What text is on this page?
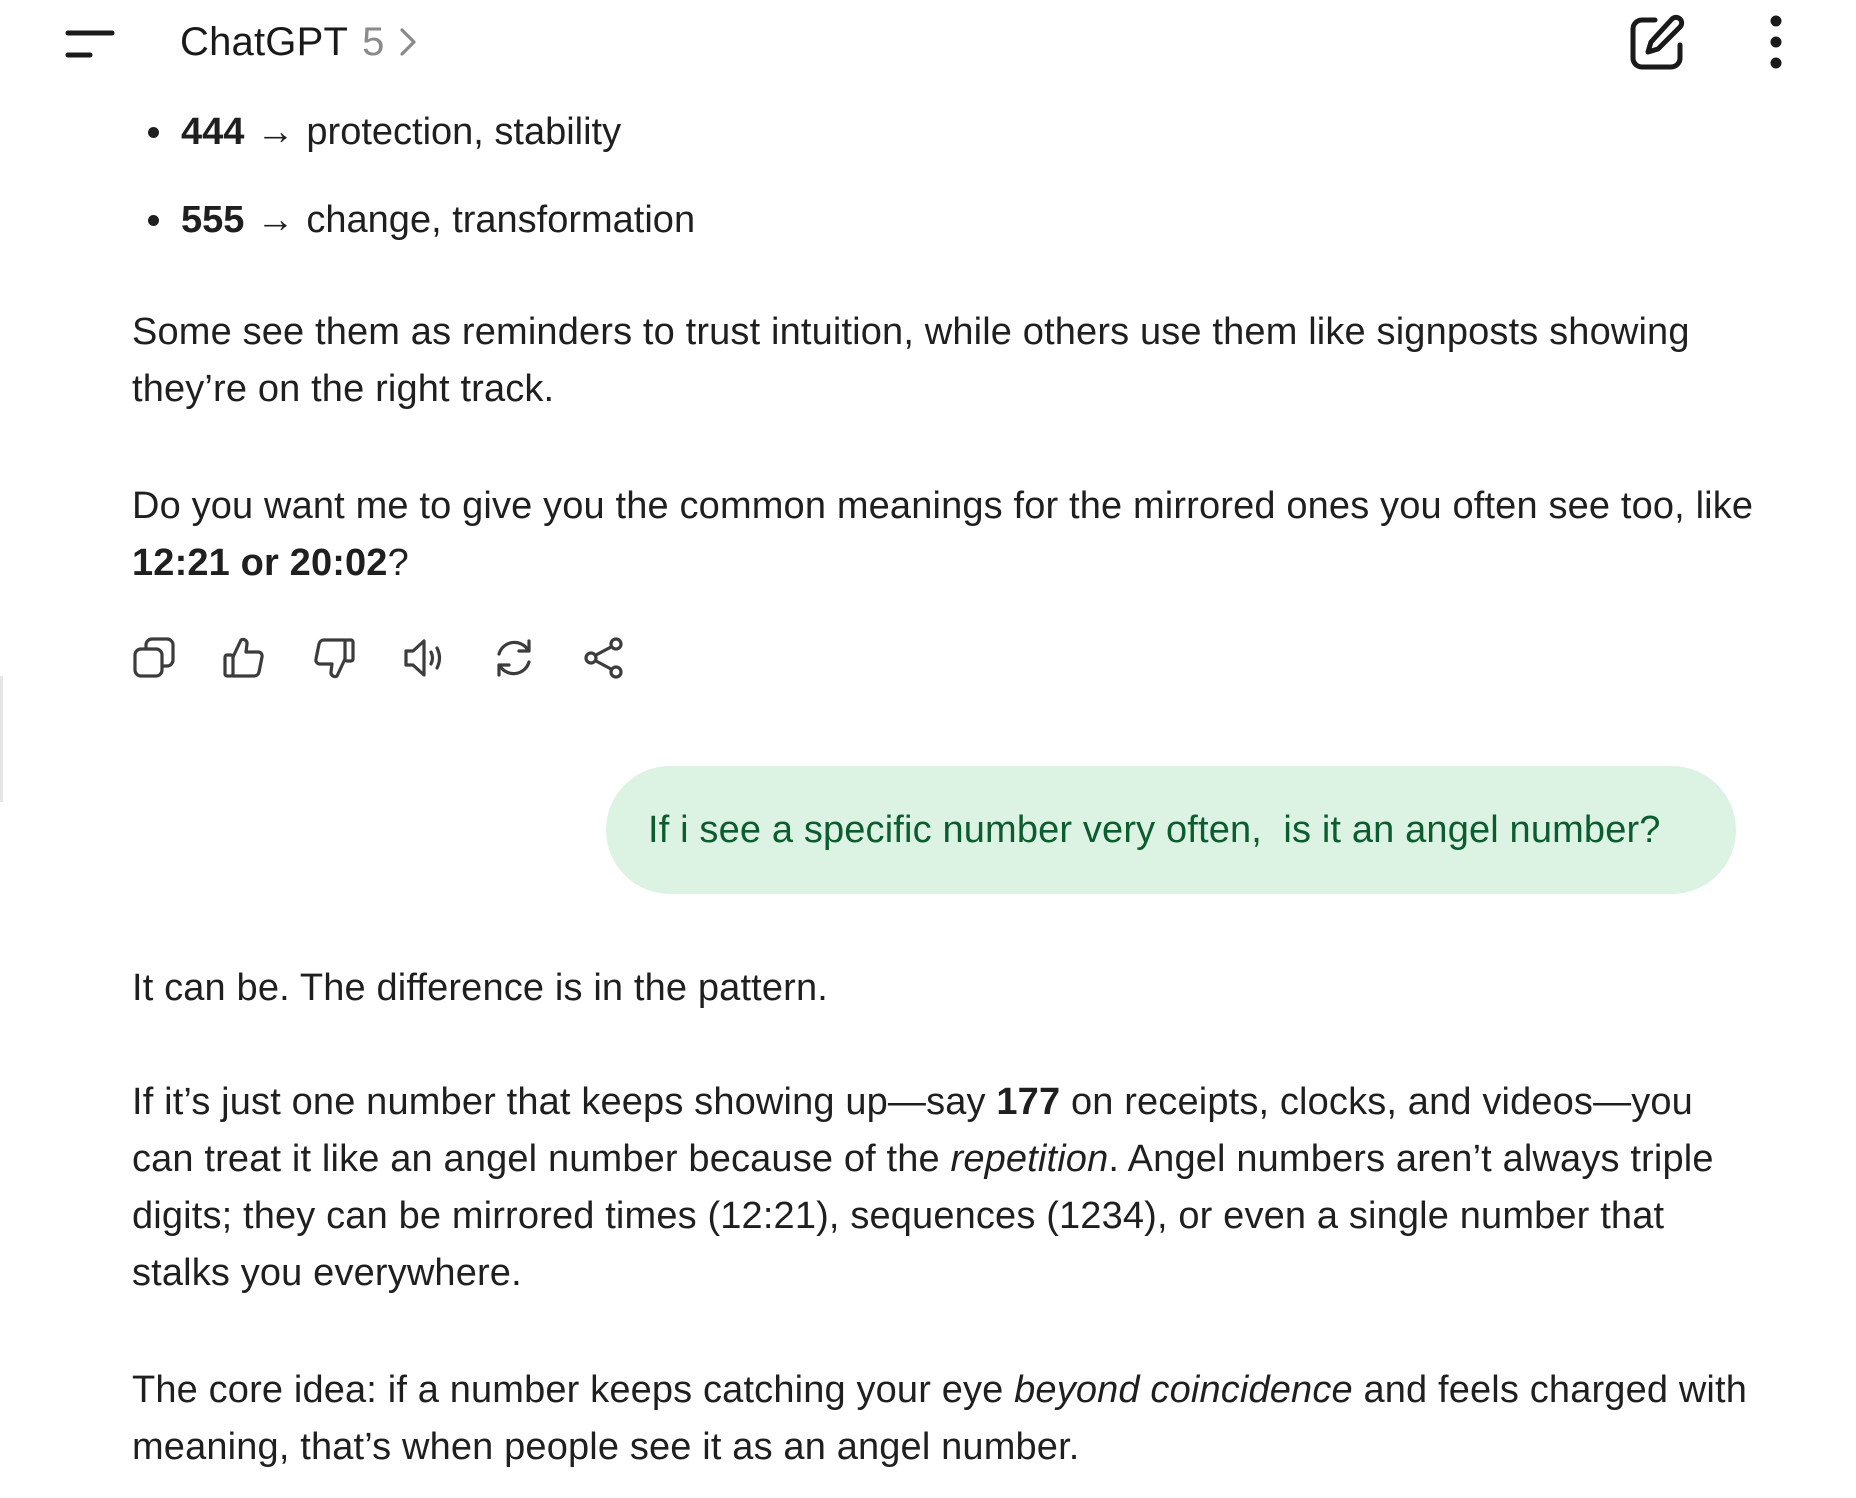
444 → protection, stability
555 → change, transformation
Some see them as reminders to trust intuition, while others use them like signposts showing they’re on the right track.
Do you want me to give you the common meanings for the mirrored ones you often see too, like 12:21 or 20:02?
If i see a specific number very often,  is it an angel number?
It can be. The difference is in the pattern.
If it’s just one number that keeps showing up—say 177 on receipts, clocks, and videos—you can treat it like an angel number because of the repetition. Angel numbers aren’t always triple digits; they can be mirrored times (12:21), sequences (1234), or even a single number that stalks you everywhere.
The core idea: if a number keeps catching your eye beyond coincidence and feels charged with meaning, that’s when people see it as an angel number.
ChatGPT 5
